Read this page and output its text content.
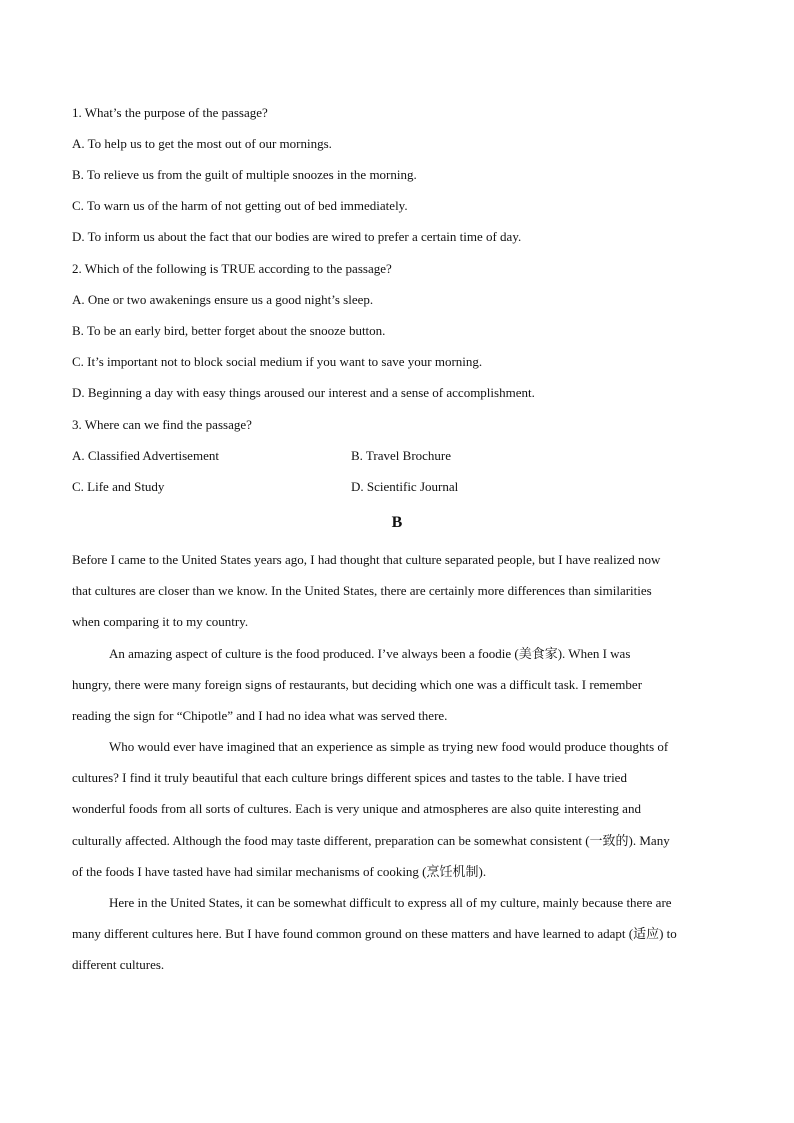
1. What’s the purpose of the passage?
A. To help us to get the most out of our mornings.
B. To relieve us from the guilt of multiple snoozes in the morning.
C. To warn us of the harm of not getting out of bed immediately.
D. To inform us about the fact that our bodies are wired to prefer a certain time of day.
2. Which of the following is TRUE according to the passage?
A. One or two awakenings ensure us a good night’s sleep.
B. To be an early bird, better forget about the snooze button.
C. It’s important not to block social medium if you want to save your morning.
D. Beginning a day with easy things aroused our interest and a sense of accomplishment.
3. Where can we find the passage?
A. Classified Advertisement	B. Travel Brochure
C. Life and Study	D. Scientific Journal
B
Before I came to the United States years ago, I had thought that culture separated people, but I have realized now
that cultures are closer than we know. In the United States, there are certainly more differences than similarities
when comparing it to my country.
An amazing aspect of culture is the food produced. I’ve always been a foodie (美食家). When I was
hungry, there were many foreign signs of restaurants, but deciding which one was a difficult task. I remember
reading the sign for “Chipotle” and I had no idea what was served there.
Who would ever have imagined that an experience as simple as trying new food would produce thoughts of
cultures? I find it truly beautiful that each culture brings different spices and tastes to the table. I have tried
wonderful foods from all sorts of cultures. Each is very unique and atmospheres are also quite interesting and
culturally affected. Although the food may taste different, preparation can be somewhat consistent (一致的). Many
of the foods I have tasted have had similar mechanisms of cooking (烹饪机制).
Here in the United States, it can be somewhat difficult to express all of my culture, mainly because there are
many different cultures here. But I have found common ground on these matters and have learned to adapt (适应) to
different cultures.
